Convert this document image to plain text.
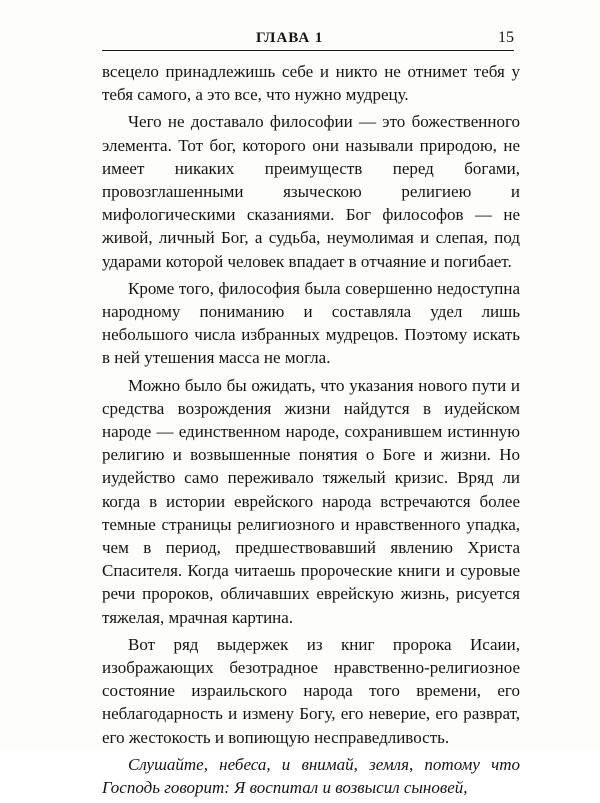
ГЛАВА 1	15

всецело принадлежишь себе и никто не отнимет тебя у тебя самого, а это все, что нужно мудрецу.

Чего не доставало философии — это божественного элемента. Тот бог, которого они называли природою, не имеет никаких преимуществ перед богами, провозглашенными языческою религиею и мифологическими сказаниями. Бог философов — не живой, личный Бог, а судьба, неумолимая и слепая, под ударами которой человек впадает в отчаяние и погибает.

Кроме того, философия была совершенно недоступна народному пониманию и составляла удел лишь небольшого числа избранных мудрецов. Поэтому искать в ней утешения масса не могла.

Можно было бы ожидать, что указания нового пути и средства возрождения жизни найдутся в иудейском народе — единственном народе, сохранившем истинную религию и возвышенные понятия о Боге и жизни. Но иудейство само переживало тяжелый кризис. Вряд ли когда в истории еврейского народа встречаются более темные страницы религиозного и нравственного упадка, чем в период, предшествовавший явлению Христа Спасителя. Когда читаешь пророческие книги и суровые речи пророков, обличавших еврейскую жизнь, рисуется тяжелая, мрачная картина.

Вот ряд выдержек из книг пророка Исаии, изображающих безотрадное нравственно-религиозное состояние израильского народа того времени, его неблагодарность и измену Богу, его неверие, его разврат, его жестокость и вопиющую несправедливость.

Слушайте, небеса, и внимай, земля, потому что Господь говорит: Я воспитал и возвысил сыновей,
